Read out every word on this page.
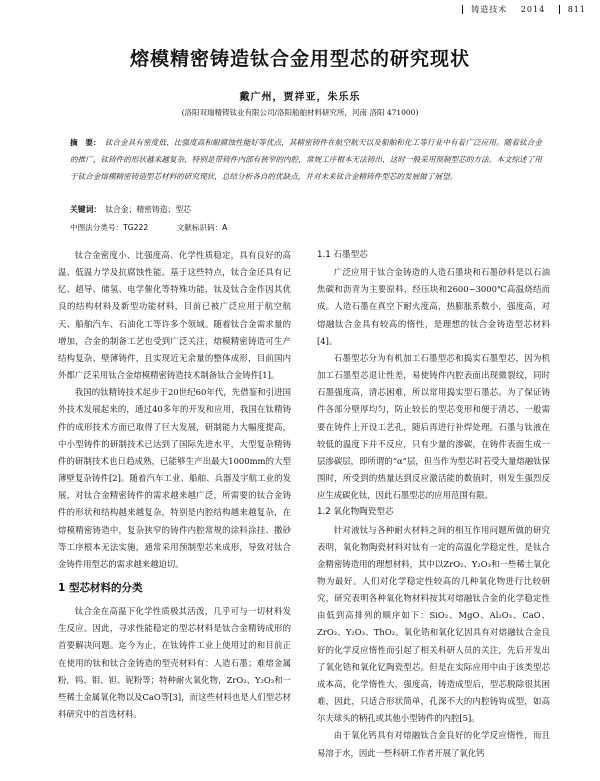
铸造技术 2014	811
熔模精密铸造钛合金用型芯的研究现状
戴广州，贾祥亚，朱乐乐
(洛阳双瑞精铸钛业有限公司/洛阳船舶材料研究所，河南 洛阳 471000)
摘　要： 钛合金具有密度低、比强度高和耐腐蚀性能好等优点，其精密铸件在航空航天以及船舶和化工等行业中有着广泛应用。随着钛合金的推广，钛铸件的形状越来越复杂，特别是带铸件内部有狭窄的内腔，常规工序根本无法铸出，这时一般采用预制型芯的方法。本文综述了用于钛合金熔模精密铸造型芯材料的研究现状，总结分析各自的优缺点，并对未来钛合金精铸件型芯的发展做了展望。
关键词： 钛合金；精密铸造；型芯
中图法分类号：TG222	文献标识码：A

钛合金密度小、比强度高、化学性质稳定，具有良好的高温、低温力学及抗腐蚀性能。基于这些特点，钛合金还具有记忆、超导、储氢、电学催化等特殊功能，钛及钛合金作因其优良的结构材料及新型功能材料，目前已被广泛应用于航空航天、船舶汽车、石油化工等许多个领域。随着钛合金需求量的增加，合金的制备工艺也受到广泛关注，熔模精密铸造可生产结构复杂、壁薄铸件，且实现近无余量的整体成形，目前国内外都广泛采用钛合金熔模精密铸造技术制备钛合金铸件[1]。

我国的钛精铸技术起步于20世纪60年代，先借鉴和引进国外技术发展起来的，通过40多年的开发和应用，我国在钛精铸件的成形技术方面已取得了巨大发展，研制能力大幅度提高，中小型铸件的研制技术已达到了国际先进水平，大型复杂精铸件的研制技术也日趋成熟，已能够生产出最大1000mm的大型薄壁复杂铸件[2]。随着汽车工业、船舶、兵器及宇航工业的发展，对钛合金精密铸件的需求越来越广泛，所需要的钛合金铸件的形状和结构越来越复杂，特别是内腔结构越来越复杂，在熔模精密铸造中，复杂狭窄的铸件内腔常规的涂料涂挂、撒砂等工序根本无法实施，通常采用预制型芯来成形，导致对钛合金铸件用型芯的需求越来越迫切。

1 型芯材料的分类

钛合金在高温下化学性质极其活泼，几乎可与一切材料发生反应。因此，寻求性能稳定的型芯材料是钛合金精铸成形的首要解决问题。迄今为止，在钛铸件工业上使用过的和目前正在使用的钛和钛合金铸造的型壳材料有：人造石墨；难熔金属粉，钨、钼、钽、铌粉等；特种耐火氧化物，ZrO₂、Y₂O₃和一些稀土金属氧化物以及CaO等[3]，而这些材料也是人们型芯材料研究中的首选材料。

1.1 石墨型芯

广泛应用于钛合金铸造的人造石墨块和石墨砂料是以石油焦碳和沥青为主要原料，经压块和2600~3000℃高温烧结而成。人造石墨在真空下耐火度高，热膨胀系数小，强度高，对熔融钛合金具有较高的惰性，是理想的钛合金铸造型芯材料[4]。

石墨型芯分为有机加工石墨型芯和捣实石墨型芯，因为机加工石墨型芯退让性差，易使铸件内腔表面出现微裂纹，同时石墨强度高，清芯困难，所以常用捣实型石墨芯。为了保证铸件各部分壁厚均匀，防止较长的型芯变形和便于清芯，一般需要在铸件上开设工艺孔，随后再进行补焊处理。石墨与钛液在较低的温度下并不反应，只有少量的渗碳，在铸件表面生成一层渗碳层，即所谓的“α”层，但当作为型芯时若受大量熔融钛保围时，所受到的热量达到反应激活能的数值时，则发生强烈反应生成碳化钛，因此石墨型芯的应用范围有限。

1.2 氧化物陶瓷型芯

针对液钛与各种耐火材料之间的相互作用问题所做的研究表明，氧化物陶瓷材料对钛有一定的高温化学稳定性，是钛合金精密铸造用的理想材料，其中以ZrO₂、Y₂O₃和一些稀土氧化物为最好。人们对化学稳定性较高的几种氧化物进行比较研究，研究表明各种氧化物材料按其对熔融钛合金的化学稳定性由低到高排列的顺序如下：SiO₂、MgO、Al₂O₃、CaO、ZrO₂、Y₂O₃、ThO₂。氧化锆和氧化钇因具有对熔融钛合金良好的化学反应惰性而引起了相关科研人员的关注，先后开发出了氧化锆和氧化钇陶瓷型芯。但是在实际应用中由于该类型芯成本高，化学惰性大，强度高，铸造成型后，型芯脱除很其困难，因此，只适合形状简单，孔深不大的内腔铸钩成型，如高尔夫球头的柄孔或其他小型铸件的内腔[5]。

由于氧化钙具有对熔融钛合金良好的化学反应惰性，而且易溶于水，因此一些科研工作者开展了氧化钙
